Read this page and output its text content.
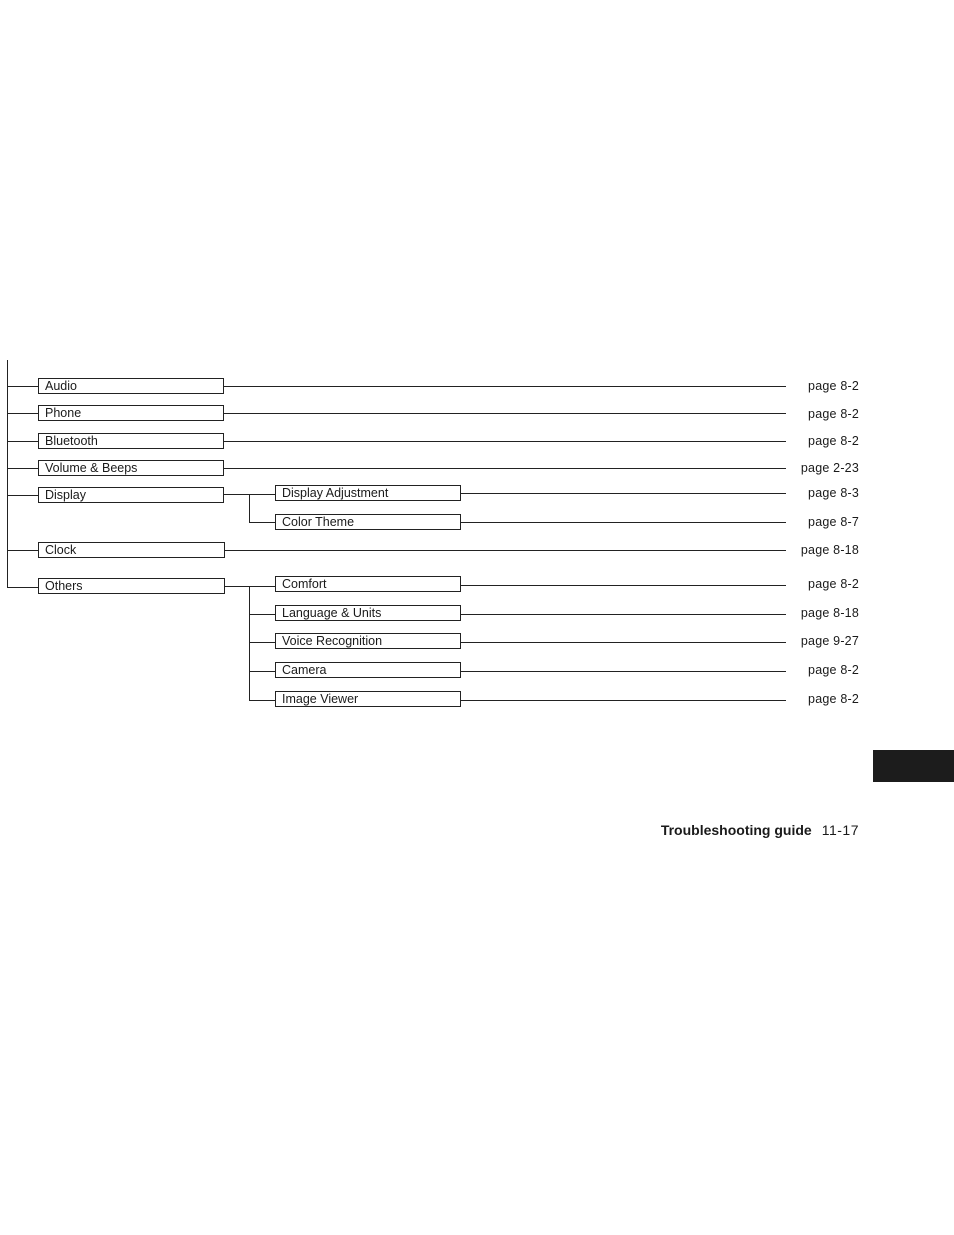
Audio	page 8-2
Phone	page 8-2
Bluetooth	page 8-2
Volume & Beeps	page 2-23
Display	Display Adjustment	page 8-3
Color Theme	page 8-7
Clock	page 8-18
Others	Comfort	page 8-2
Language & Units	page 8-18
Voice Recognition	page 9-27
Camera	page 8-2
Image Viewer	page 8-2
Troubleshooting guide 11-17
